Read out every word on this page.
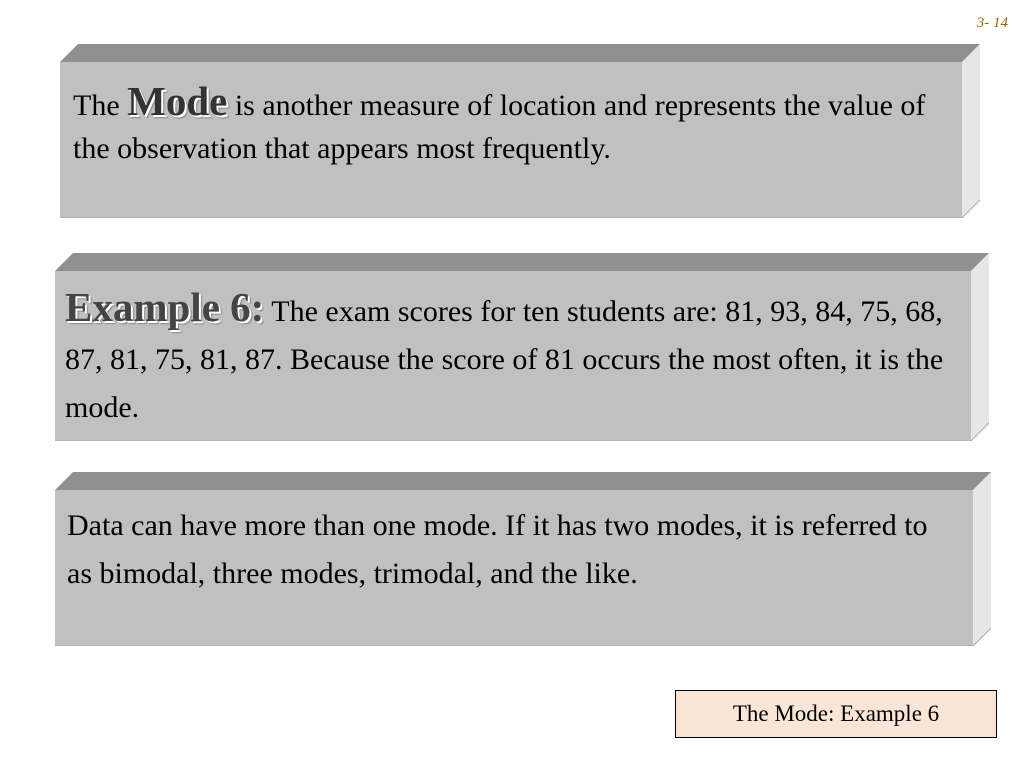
3- 14
The Mode is another measure of location and represents the value of the observation that appears most frequently.
Example 6: The exam scores for ten students are: 81, 93, 84, 75, 68, 87, 81, 75, 81, 87. Because the score of 81 occurs the most often, it is the mode.
Data can have more than one mode. If it has two modes, it is referred to as bimodal, three modes, trimodal, and the like.
The Mode: Example 6
